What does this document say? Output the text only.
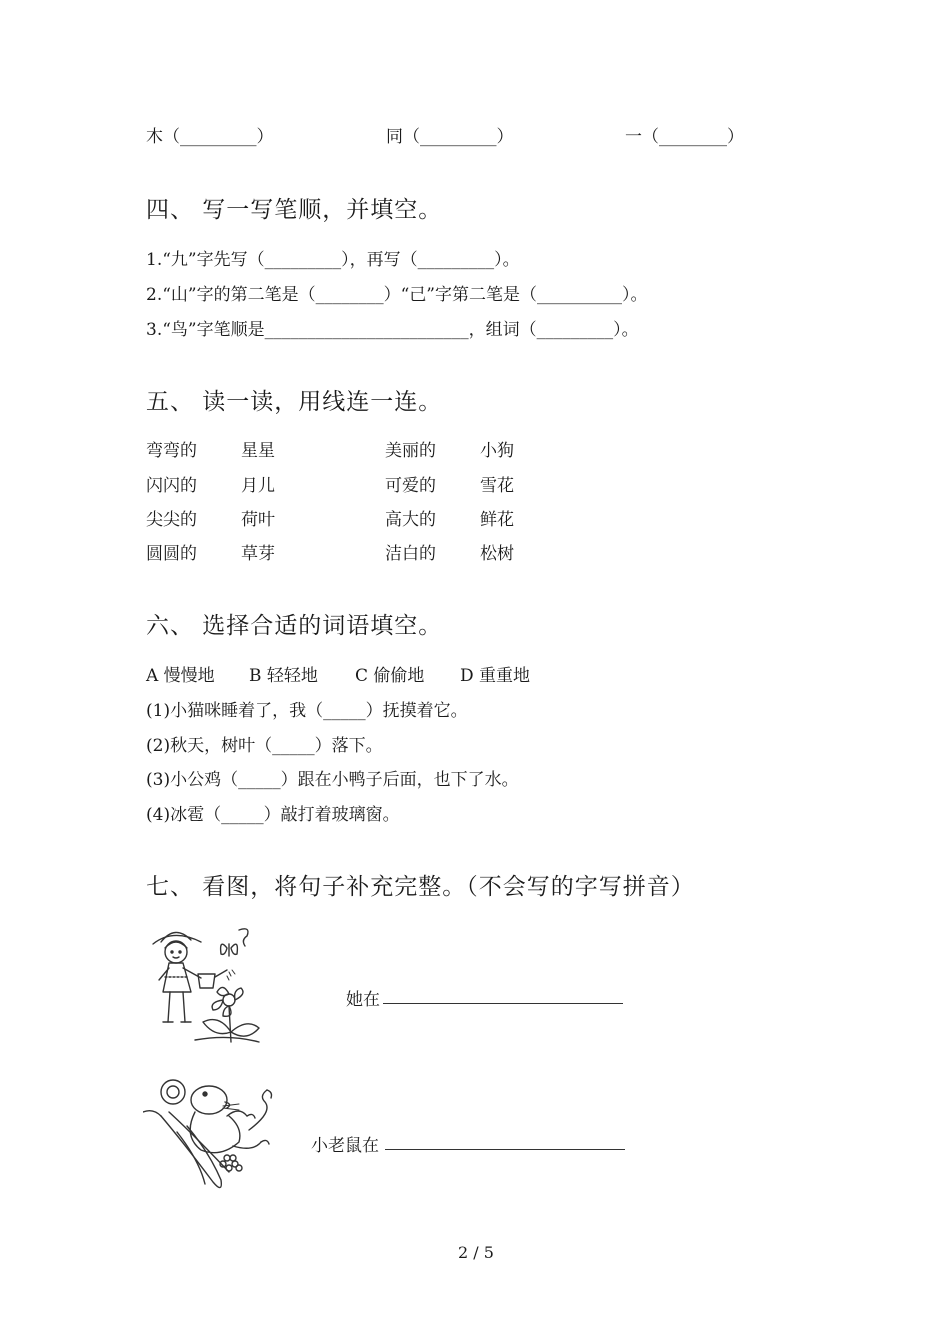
木（_________）	同（_________）	一（________）
四、 写一写笔顺，并填空。
1.“九”字先写（_________），再写（_________）。
2.“山”字的第二笔是（________）“己”字第二笔是（__________）。
3.“鸟”字笔顺是________________________，组词（_________）。
五、 读一读，用线连一连。
弯弯的
闪闪的
尖尖的
圆圆的
星星
月儿
荷叶
草芽
美丽的
可爱的
高大的
洁白的
小狗
雪花
鲜花
松树
六、 选择合适的词语填空。
A 慢慢地 B 轻轻地 C 偷偷地 D 重重地
(1)小猫咪睡着了，我（_____）抚摸着它。
(2)秋天，树叶（_____）落下。
(3)小公鸡（_____）跟在小鸭子后面，也下了水。
(4)冰雹（_____）敲打着玻璃窗。
七、 看图，将句子补充完整。（不会写的字写拼音）
她在
小老鼠在
2 / 5
